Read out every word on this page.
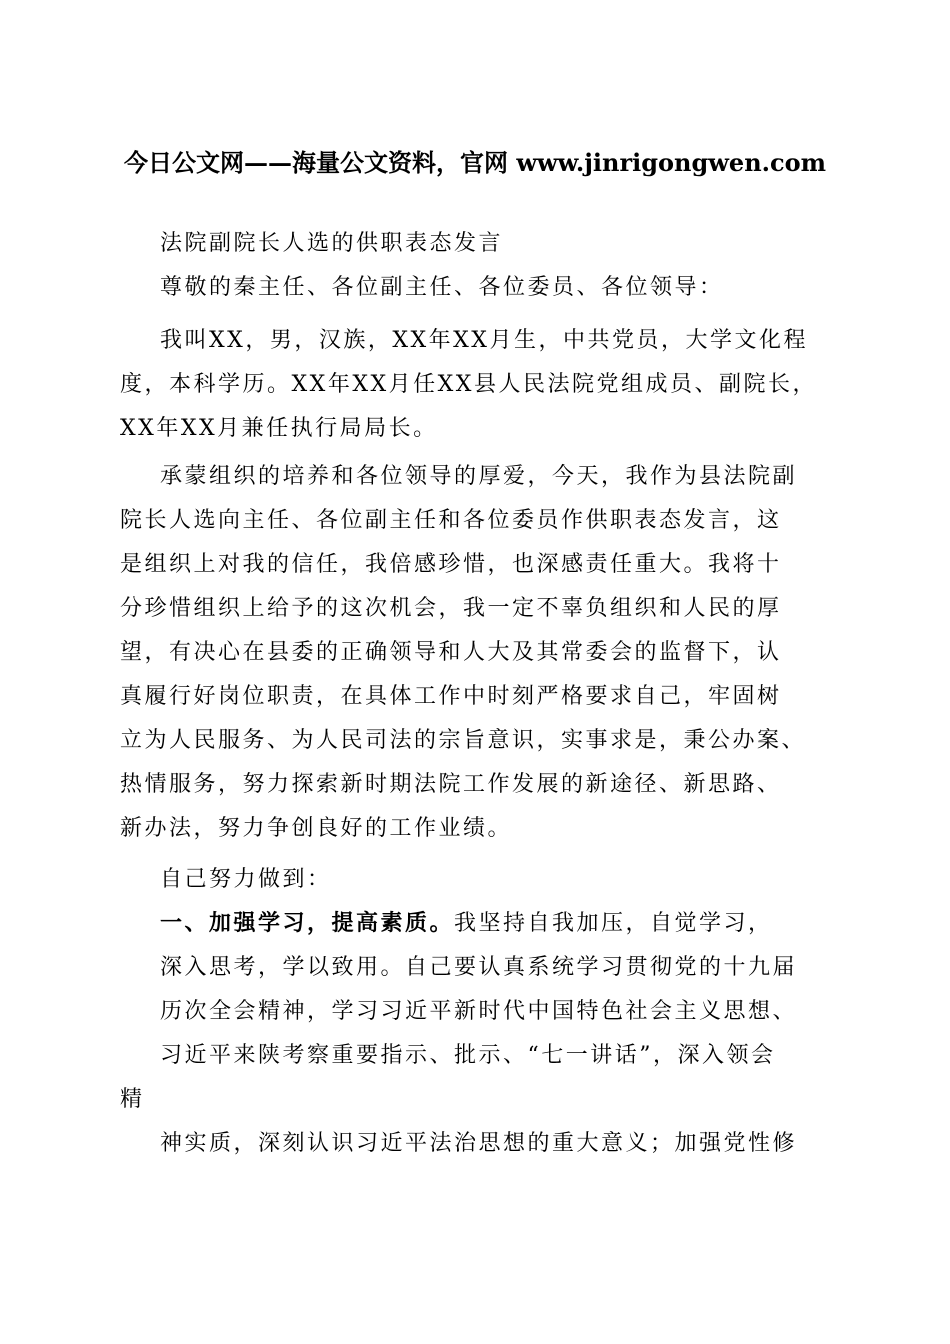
今日公文网——海量公文资料，官网 www.jinrigongwen.com
法院副院长人选的供职表态发言
尊敬的秦主任、各位副主任、各位委员、各位领导：
我叫XX，男，汉族，XX年XX月生，中共党员，大学文化程
度，本科学历。XX年XX月任XX县人民法院党组成员、副院长，
XX年XX月兼任执行局局长。
承蒙组织的培养和各位领导的厚爱，今天，我作为县法院副
院长人选向主任、各位副主任和各位委员作供职表态发言，这
是组织上对我的信任，我倍感珍惜，也深感责任重大。我将十
分珍惜组织上给予的这次机会，我一定不辜负组织和人民的厚
望，有决心在县委的正确领导和人大及其常委会的监督下，认
真履行好岗位职责，在具体工作中时刻严格要求自己，牢固树
立为人民服务、为人民司法的宗旨意识，实事求是，秉公办案、
热情服务，努力探索新时期法院工作发展的新途径、新思路、
新办法，努力争创良好的工作业绩。
自己努力做到：
一、加强学习，提高素质。我坚持自我加压，自觉学习，
深入思考，学以致用。自己要认真系统学习贯彻党的十九届
历次全会精神，学习习近平新时代中国特色社会主义思想、
习近平来陕考察重要指示、批示、“七一讲话”，深入领会
精
神实质，深刻认识习近平法治思想的重大意义；加强党性修
